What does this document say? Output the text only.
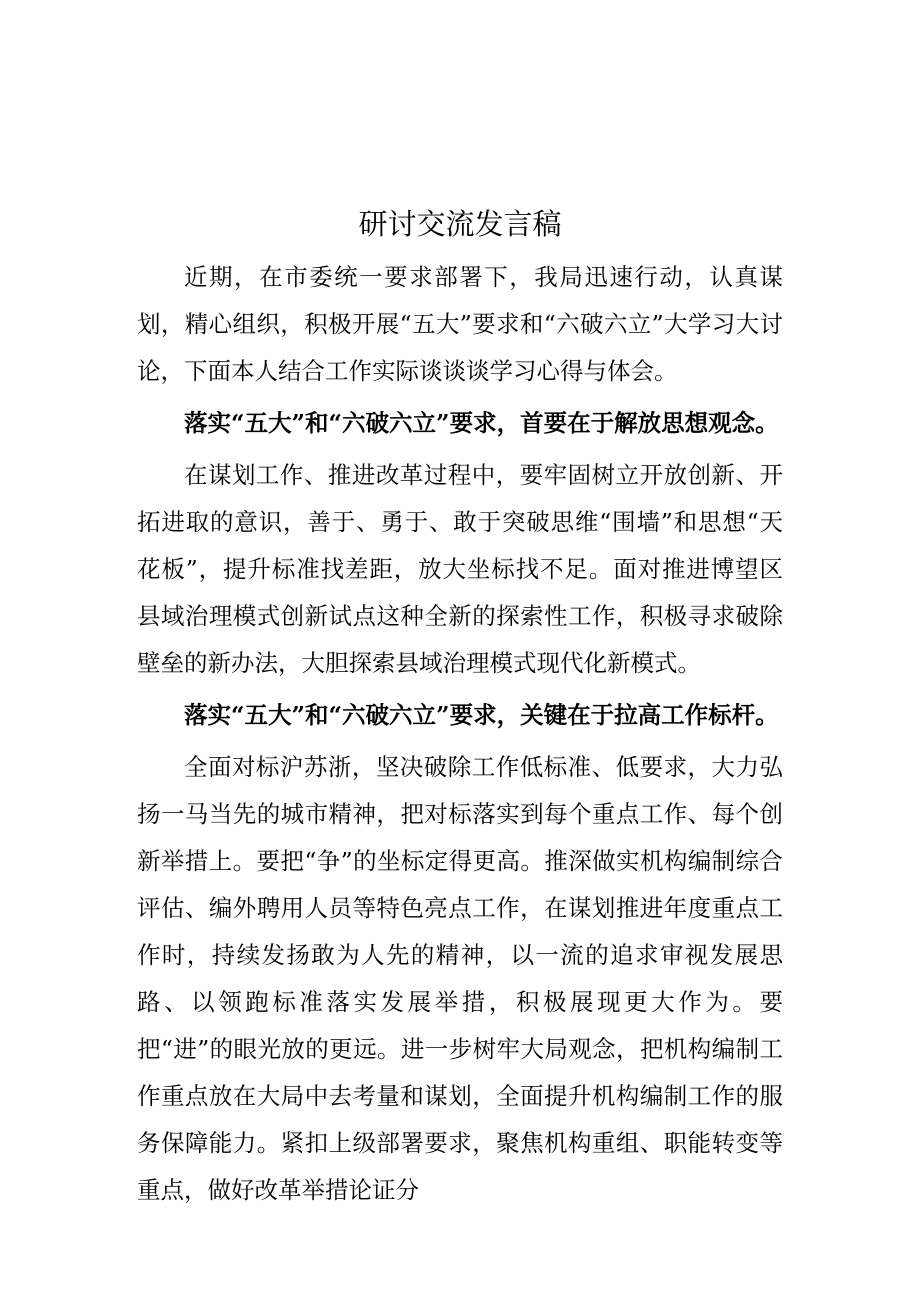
研讨交流发言稿

近期，在市委统一要求部署下，我局迅速行动，认真谋划，精心组织，积极开展“五大”要求和“六破六立”大学习大讨论，下面本人结合工作实际谈谈谈学习心得与体会。

落实“五大”和“六破六立”要求，首要在于解放思想观念。

在谋划工作、推进改革过程中，要牢固树立开放创新、开拓进取的意识，善于、勇于、敢于突破思维“围墙”和思想“天花板”，提升标准找差距，放大坐标找不足。面对推进博望区县域治理模式创新试点这种全新的探索性工作，积极寻求破除壁垒的新办法，大胆探索县域治理模式现代化新模式。

落实“五大”和“六破六立”要求，关键在于拉高工作标杆。

全面对标沪苏浙，坚决破除工作低标准、低要求，大力弘扬一马当先的城市精神，把对标落实到每个重点工作、每个创新举措上。要把“争”的坐标定得更高。推深做实机构编制综合评估、编外聘用人员等特色亮点工作，在谋划推进年度重点工作时，持续发扬敢为人先的精神，以一流的追求审视发展思路、以领跑标准落实发展举措，积极展现更大作为。要把“进”的眼光放的更远。进一步树牢大局观念，把机构编制工作重点放在大局中去考量和谋划，全面提升机构编制工作的服务保障能力。紧扣上级部署要求，聚焦机构重组、职能转变等重点，做好改革举措论证分
